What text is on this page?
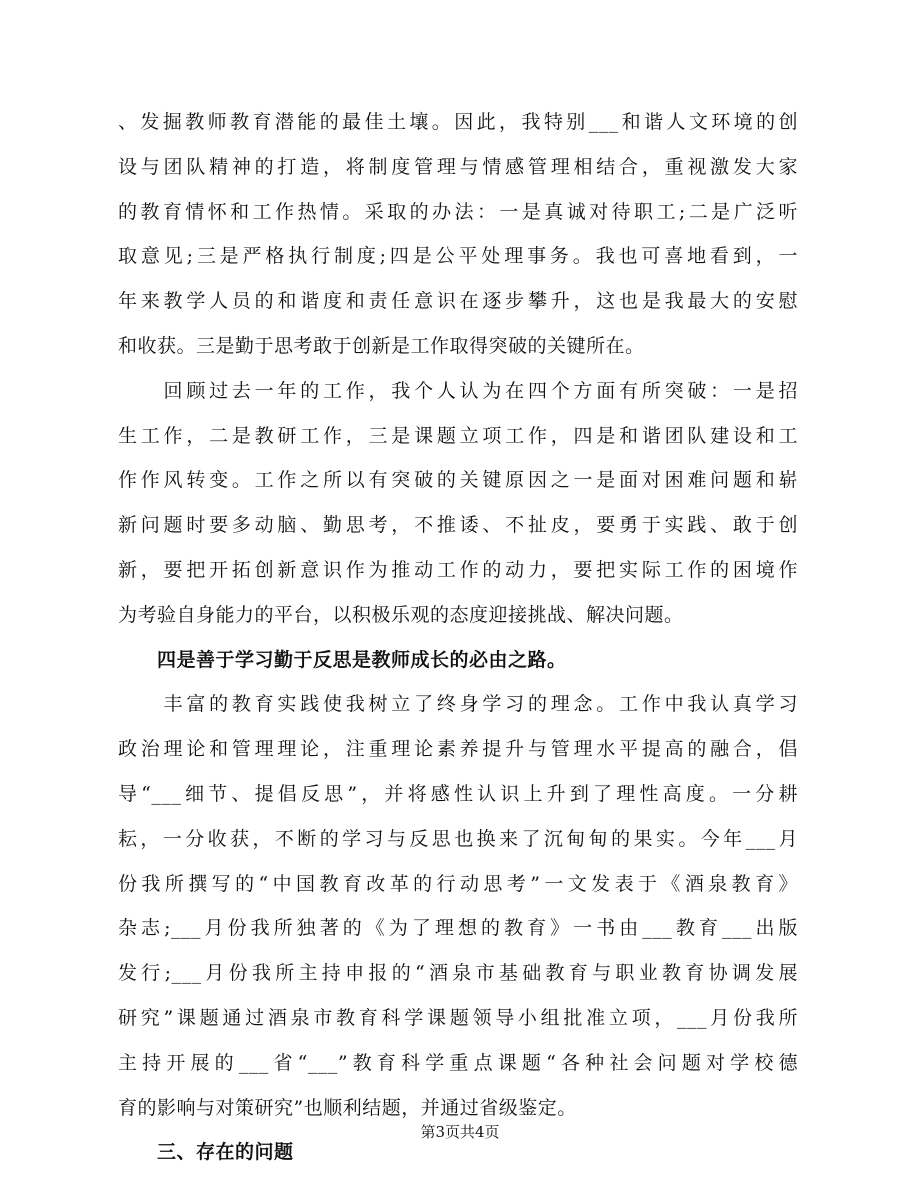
、发掘教师教育潜能的最佳土壤。因此，我特别___和谐人文环境的创
设与团队精神的打造，将制度管理与情感管理相结合，重视激发大家
的教育情怀和工作热情。采取的办法：一是真诚对待职工;二是广泛听
取意见;三是严格执行制度;四是公平处理事务。我也可喜地看到，一
年来教学人员的和谐度和责任意识在逐步攀升，这也是我最大的安慰
和收获。三是勤于思考敢于创新是工作取得突破的关键所在。

　　回顾过去一年的工作，我个人认为在四个方面有所突破：一是招
生工作，二是教研工作，三是课题立项工作，四是和谐团队建设和工
作作风转变。工作之所以有突破的关键原因之一是面对困难问题和崭
新问题时要多动脑、勤思考，不推诿、不扯皮，要勇于实践、敢于创
新，要把开拓创新意识作为推动工作的动力，要把实际工作的困境作
为考验自身能力的平台，以积极乐观的态度迎接挑战、解决问题。

　　四是善于学习勤于反思是教师成长的必由之路。

　　丰富的教育实践使我树立了终身学习的理念。工作中我认真学习
政治理论和管理理论，注重理论素养提升与管理水平提高的融合，倡
导“___细节、提倡反思”，并将感性认识上升到了理性高度。一分耕
耘，一分收获，不断的学习与反思也换来了沉甸甸的果实。今年___月
份我所撰写的“中国教育改革的行动思考”一文发表于《酒泉教育》
杂志;___月份我所独著的《为了理想的教育》一书由___教育___出版
发行;___月份我所主持申报的“酒泉市基础教育与职业教育协调发展
研究”课题通过酒泉市教育科学课题领导小组批准立项，___月份我所
主持开展的___省“___”教育科学重点课题“各种社会问题对学校德
育的影响与对策研究”也顺利结题，并通过省级鉴定。

　　三、存在的问题

第3页共4页
